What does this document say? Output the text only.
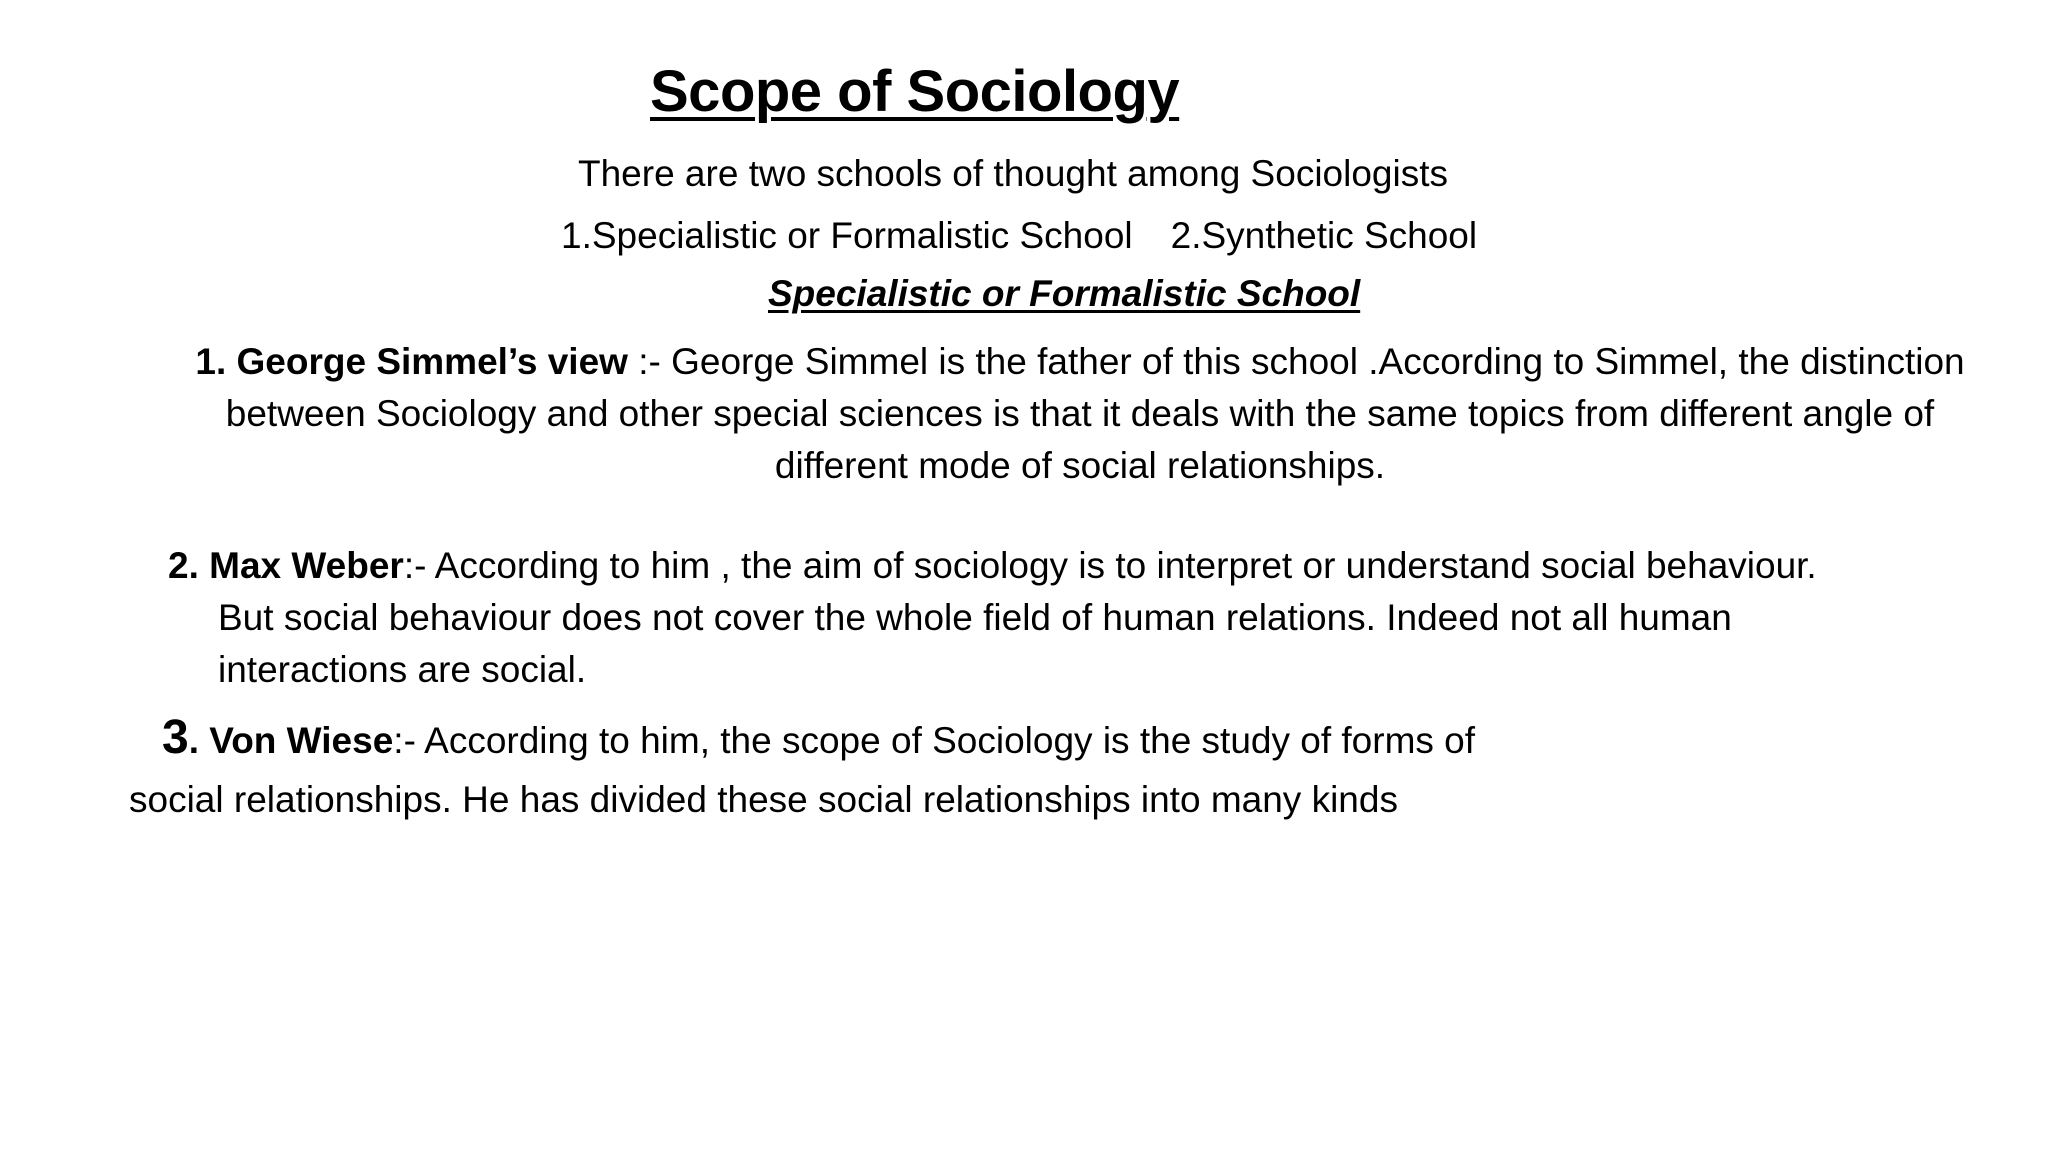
Scope of Sociology
There are two schools of thought among Sociologists
1.Specialistic or Formalistic School 2.Synthetic School
Specialistic or Formalistic School
1. George Simmel’s view :- George Simmel is the father of this school .According to Simmel, the distinction
between Sociology and other special sciences is that it deals with the same topics from different angle of
different mode of social relationships.
2. Max Weber:- According to him , the aim of sociology is to interpret or understand social behaviour.
But social behaviour does not cover the whole field of human relations. Indeed not all human
interactions are social.
3. Von Wiese:- According to him, the scope of Sociology is the study of forms of
social relationships. He has divided these social relationships into many kinds
